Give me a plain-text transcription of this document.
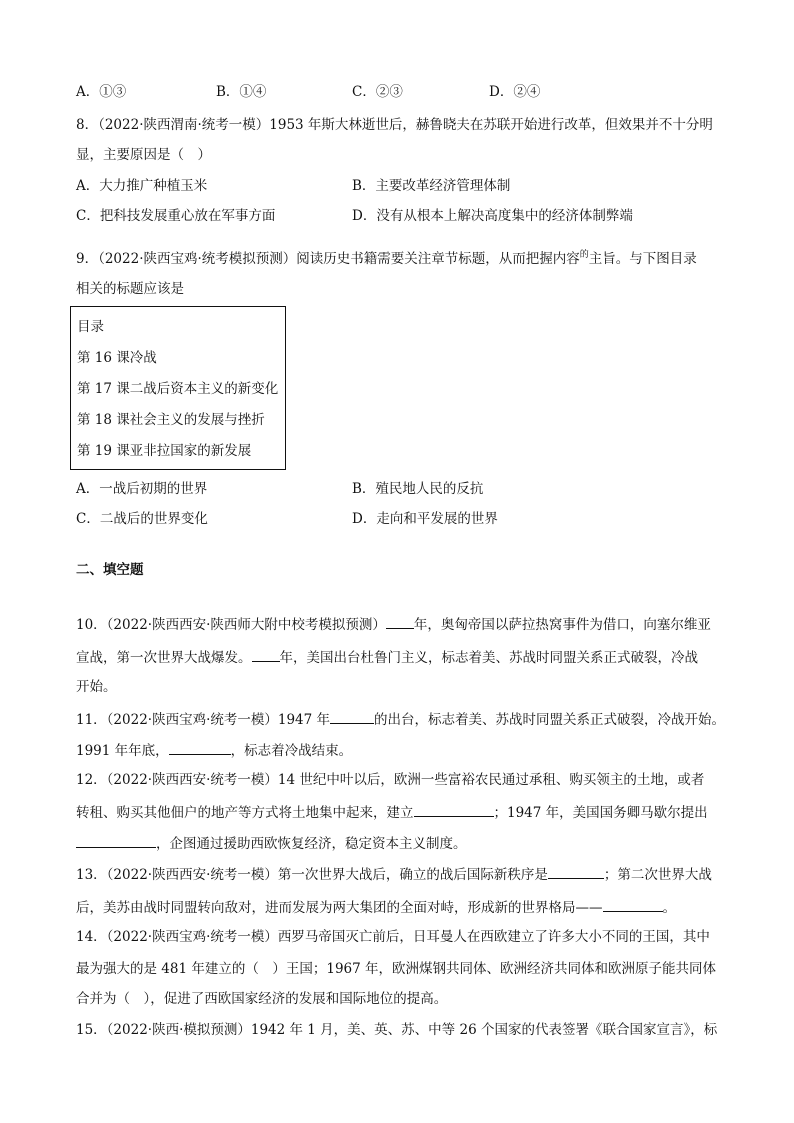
A．①③	B．①④	C．②③	D．②④
8．（2022·陕西渭南·统考一模）1953 年斯大林逝世后，赫鲁晓夫在苏联开始进行改革，但效果并不十分明
显，主要原因是（　）
A．大力推广种植玉米	B．主要改革经济管理体制
C．把科技发展重心放在军事方面	D．没有从根本上解决高度集中的经济体制弊端
9．（2022·陕西宝鸡·统考模拟预测）阅读历史书籍需要关注章节标题，从而把握内容$^的$主旨。与下图目录
相关的标题应该是
目录
第 16 课冷战
第 17 课二战后资本主义的新变化
第 18 课社会主义的发展与挫折
第 19 课亚非拉国家的新发展
A．一战后初期的世界	B．殖民地人民的反抗
C．二战后的世界变化	D．走向和平发展的世界
二、填空题
10．（2022·陕西西安·陕西师大附中校考模拟预测） 年，奥匈帝国以萨拉热窝事件为借口，向塞尔维亚
宣战，第一次世界大战爆发。 年，美国出台杜鲁门主义，标志着美、苏战时同盟关系正式破裂，冷战
开始。
11．（2022·陕西宝鸡·统考一模）1947 年	的出台，标志着美、苏战时同盟关系正式破裂，冷战开始。
1991 年年底，	，标志着冷战结束。
12．（2022·陕西西安·统考一模）14 世纪中叶以后，欧洲一些富裕农民通过承租、购买领主的土地，或者
转租、购买其他佃户的地产等方式将土地集中起来，建立	；1947 年，美国国务卿马歇尔提出
，企图通过援助西欧恢复经济，稳定资本主义制度。
13．（2022·陕西西安·统考一模）第一次世界大战后，确立的战后国际新秩序是	；第二次世界大战
后，美苏由战时同盟转向敌对，进而发展为两大集团的全面对峙，形成新的世界格局——	。
14．（2022·陕西宝鸡·统考一模）西罗马帝国灭亡前后，日耳曼人在西欧建立了许多大小不同的王国，其中
最为强大的是 481 年建立的（　）王国；1967 年，欧洲煤钢共同体、欧洲经济共同体和欧洲原子能共同体
合并为（　），促进了西欧国家经济的发展和国际地位的提高。
15．（2022·陕西·模拟预测）1942 年 1 月，美、英、苏、中等 26 个国家的代表签署《联合国家宣言》，标
